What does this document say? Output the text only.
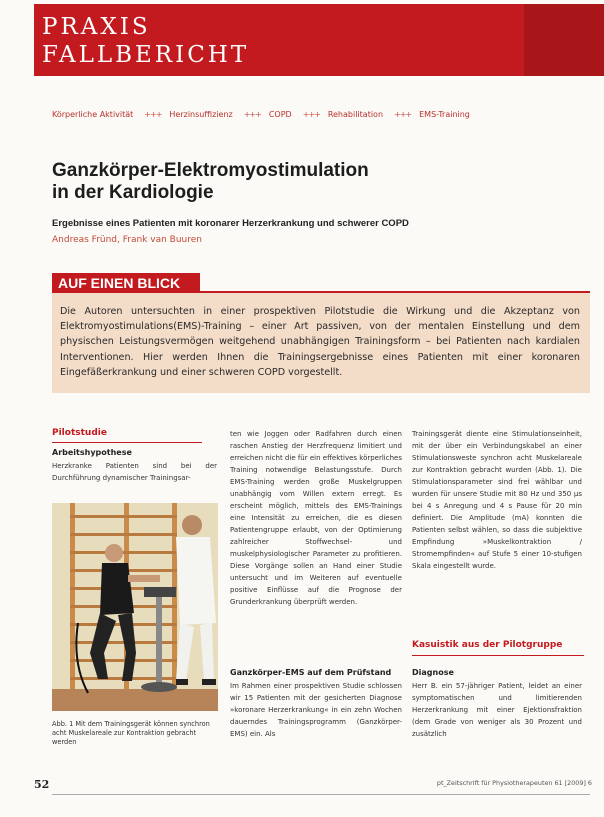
PRAXIS
FALLBERICHT
Körperliche Aktivität +++ Herzinsuffizienz +++ COPD +++ Rehabilitation +++ EMS-Training
Ganzkörper-Elektromyostimulation
in der Kardiologie
Ergebnisse eines Patienten mit koronarer Herzerkrankung und schwerer COPD
Andreas Fründ, Frank van Buuren
AUF EINEN BLICK

Die Autoren untersuchten in einer prospektiven Pilotstudie die Wirkung und die Akzeptanz von Elektromyostimulations(EMS)-Training – einer Art passiven, von der mentalen Einstellung und dem physischen Leistungsvermögen weitgehend unabhängigen Trainingsform – bei Patienten nach kardialen Interventionen. Hier werden Ihnen die Trainingsergebnisse eines Patienten mit einer koronaren Eingefäßerkrankung und einer schweren COPD vorgestellt.

Pilotstudie
Arbeitshypothese

Herzkranke Patienten sind bei der Durchführung dynamischer Trainingsar-

Abb. 1 Mit dem Trainingsgerät können synchron acht Muskelareale zur Kontraktion gebracht werden

ten wie Joggen oder Radfahren durch einen raschen Anstieg der Herzfrequenz limitiert und erreichen nicht die für ein effektives körperliches Training notwendige Belastungsstufe. Durch EMS-Training werden große Muskelgruppen unabhängig vom Willen extern erregt. Es erscheint möglich, mittels des EMS-Trainings eine Intensität zu erreichen, die es diesen Patientengruppe erlaubt, von der Optimierung zahlreicher Stoffwechsel- und muskelphysiologischer Parameter zu profitieren. Diese Vorgänge sollen an Hand einer Studie untersucht und im Weiteren auf eventuelle positive Einflüsse auf die Prognose der Grunderkrankung überprüft werden.

Ganzkörper-EMS auf dem Prüfstand

Im Rahmen einer prospektiven Studie schlossen wir 15 Patienten mit der gesicherten Diagnose »koronare Herzerkrankung« in ein zehn Wochen dauerndes Trainingsprogramm (Ganzkörper-EMS) ein. Als

Trainingsgerät diente eine Stimulationseinheit, mit der über ein Verbindungskabel an einer Stimulationsweste synchron acht Muskelareale zur Kontraktion gebracht wurden (Abb. 1). Die Stimulationsparameter sind frei wählbar und wurden für unsere Studie mit 80 Hz und 350 µs bei 4 s Anregung und 4 s Pause für 20 min definiert. Die Amplitude (mA) konnten die Patienten selbst wählen, so dass die subjektive Empfindung »Muskelkontraktion / Stromempfinden« auf Stufe 5 einer 10-stufigen Skala eingestellt wurde.

Kasuistik aus der Pilotgruppe
Diagnose

Herr B. ein 57-jähriger Patient, leidet an einer symptomatischen und limitierenden Herzerkrankung mit einer Ejektionsfraktion (dem Grade von weniger als 30 Prozent und zusätzlich

52	pt_Zeitschrift für Physiotherapeuten 61 [2009] 6
